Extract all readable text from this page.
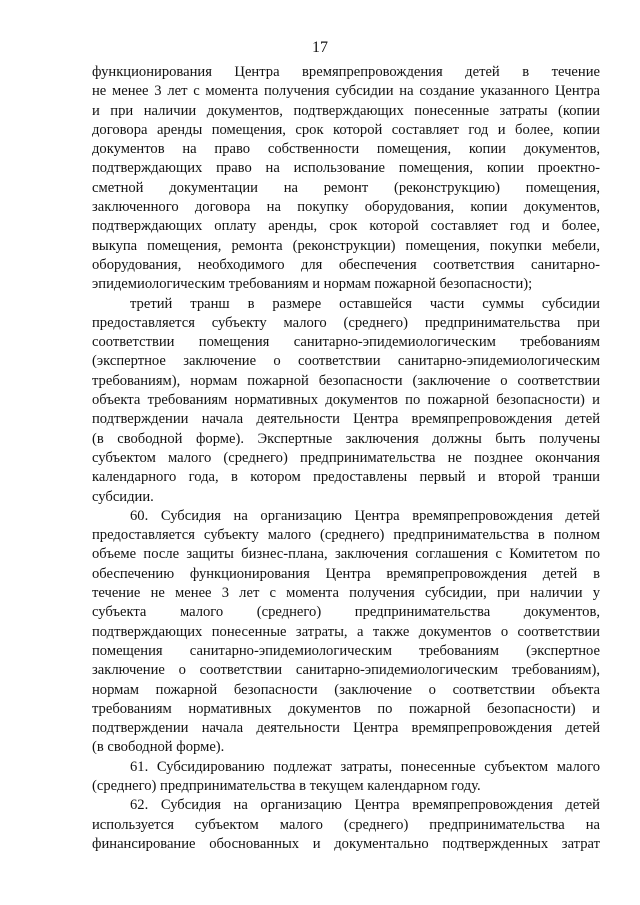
17
функционирования Центра времяпрепровождения детей в течение
не менее 3 лет с момента получения субсидии на создание указанного Центра
и при наличии документов, подтверждающих понесенные затраты (копии
договора аренды помещения, срок которой составляет год и более, копии
документов на право собственности помещения, копии документов,
подтверждающих право на использование помещения, копии проектно-
сметной документации на ремонт (реконструкцию) помещения,
заключенного договора на покупку оборудования, копии документов,
подтверждающих оплату аренды, срок которой составляет год и более,
выкупа помещения, ремонта (реконструкции) помещения, покупки мебели,
оборудования, необходимого для обеспечения соответствия санитарно-
эпидемиологическим требованиям и нормам пожарной безопасности);
третий транш в размере оставшейся части суммы субсидии
предоставляется субъекту малого (среднего) предпринимательства при
соответствии помещения санитарно-эпидемиологическим требованиям
(экспертное заключение о соответствии санитарно-эпидемиологическим
требованиям), нормам пожарной безопасности (заключение о соответствии
объекта требованиям нормативных документов по пожарной безопасности) и
подтверждении начала деятельности Центра времяпрепровождения детей
(в свободной форме). Экспертные заключения должны быть получены
субъектом малого (среднего) предпринимательства не позднее окончания
календарного года, в котором предоставлены первый и второй транши
субсидии.
60. Субсидия на организацию Центра времяпрепровождения детей
предоставляется субъекту малого (среднего) предпринимательства в полном
объеме после защиты бизнес-плана, заключения соглашения с Комитетом по
обеспечению функционирования Центра времяпрепровождения детей в
течение не менее 3 лет с момента получения субсидии, при наличии у
субъекта малого (среднего) предпринимательства документов,
подтверждающих понесенные затраты, а также документов о соответствии
помещения санитарно-эпидемиологическим требованиям (экспертное
заключение о соответствии санитарно-эпидемиологическим требованиям),
нормам пожарной безопасности (заключение о соответствии объекта
требованиям нормативных документов по пожарной безопасности) и
подтверждении начала деятельности Центра времяпрепровождения детей
(в свободной форме).
61. Субсидированию подлежат затраты, понесенные субъектом малого
(среднего) предпринимательства в текущем календарном году.
62. Субсидия на организацию Центра времяпрепровождения детей
используется субъектом малого (среднего) предпринимательства на
финансирование обоснованных и документально подтвержденных затрат
